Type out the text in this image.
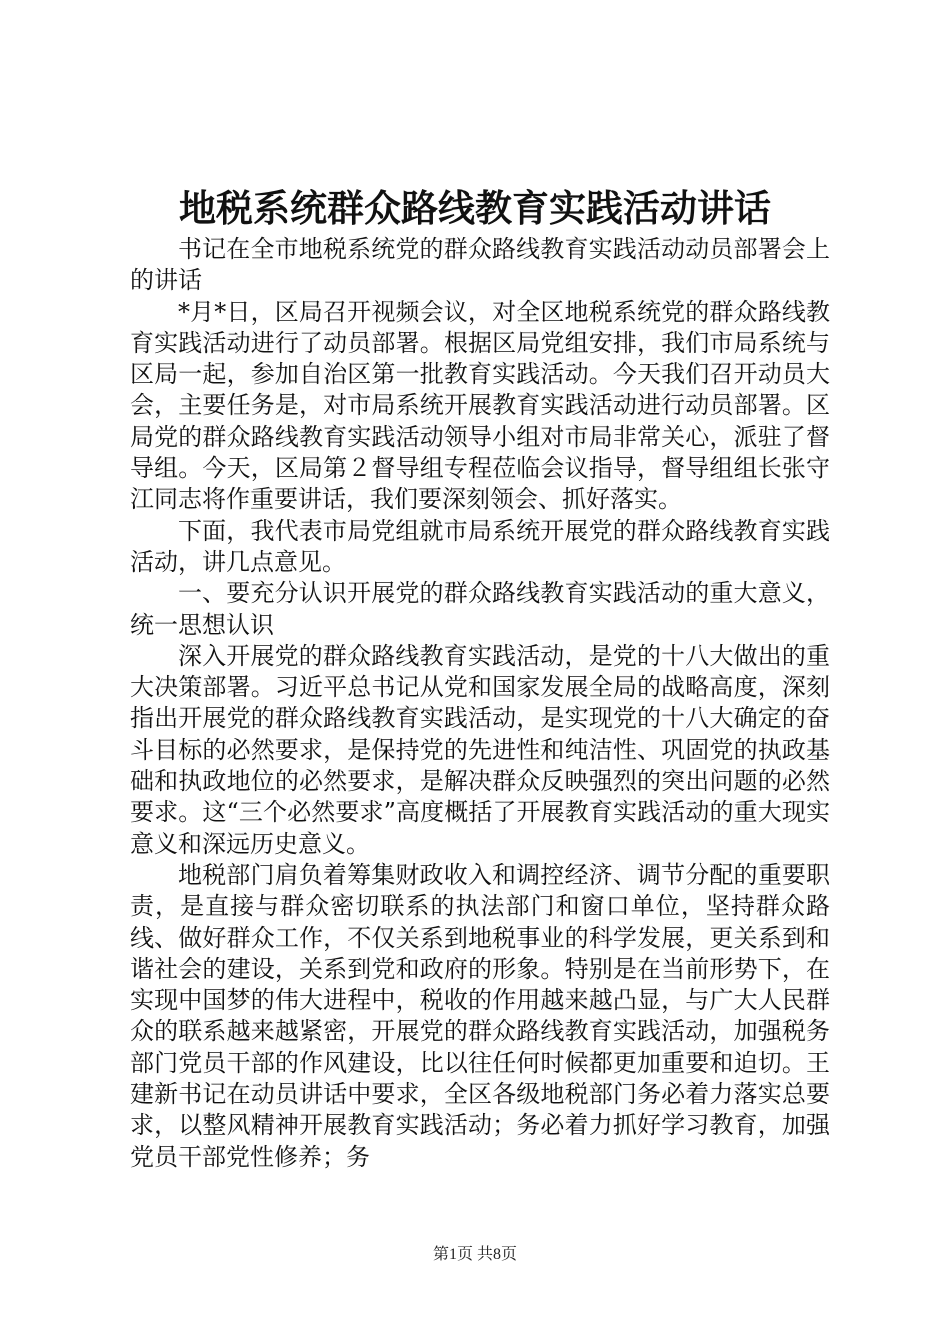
地税系统群众路线教育实践活动讲话

书记在全市地税系统党的群众路线教育实践活动动员部署会上的讲话

*月*日，区局召开视频会议，对全区地税系统党的群众路线教育实践活动进行了动员部署。根据区局党组安排，我们市局系统与区局一起，参加自治区第一批教育实践活动。今天我们召开动员大会，主要任务是，对市局系统开展教育实践活动进行动员部署。区局党的群众路线教育实践活动领导小组对市局非常关心，派驻了督导组。今天，区局第２督导组专程莅临会议指导，督导组组长张守江同志将作重要讲话，我们要深刻领会、抓好落实。

下面，我代表市局党组就市局系统开展党的群众路线教育实践活动，讲几点意见。

一、要充分认识开展党的群众路线教育实践活动的重大意义，统一思想认识

深入开展党的群众路线教育实践活动，是党的十八大做出的重大决策部署。习近平总书记从党和国家发展全局的战略高度，深刻指出开展党的群众路线教育实践活动，是实现党的十八大确定的奋斗目标的必然要求，是保持党的先进性和纯洁性、巩固党的执政基础和执政地位的必然要求，是解决群众反映强烈的突出问题的必然要求。这“三个必然要求”高度概括了开展教育实践活动的重大现实意义和深远历史意义。

地税部门肩负着筹集财政收入和调控经济、调节分配的重要职责，是直接与群众密切联系的执法部门和窗口单位，坚持群众路线、做好群众工作，不仅关系到地税事业的科学发展，更关系到和谐社会的建设，关系到党和政府的形象。特别是在当前形势下，在实现中国梦的伟大进程中，税收的作用越来越凸显，与广大人民群众的联系越来越紧密，开展党的群众路线教育实践活动，加强税务部门党员干部的作风建设，比以往任何时候都更加重要和迫切。王建新书记在动员讲话中要求，全区各级地税部门务必着力落实总要求，以整风精神开展教育实践活动；务必着力抓好学习教育，加强党员干部党性修养；务

第1页 共8页
